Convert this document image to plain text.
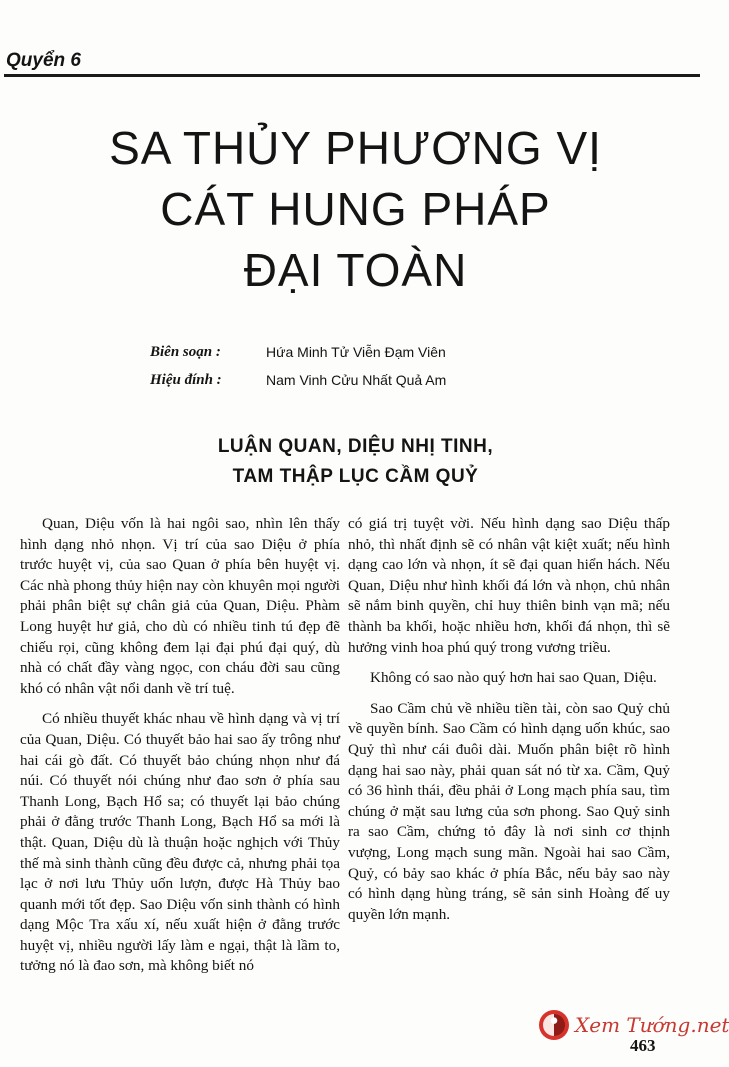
Quyển 6
SA THỦY PHƯƠNG VỊ
CÁT HUNG PHÁP
ĐẠI TOÀN
Biên soạn :	Hứa Minh Tử Viễn Đạm Viên
Hiệu đính :	Nam Vinh Cửu Nhất Quả Am
LUẬN QUAN, DIỆU NHỊ TINH,
TAM THẬP LỤC CẦM QUỶ

Quan, Diệu vốn là hai ngôi sao, nhìn lên thấy hình dạng nhỏ nhọn. Vị trí của sao Diệu ở phía trước huyệt vị, của sao Quan ở phía bên huyệt vị. Các nhà phong thủy hiện nay còn khuyên mọi người phải phân biệt sự chân giả của Quan, Diệu. Phàm Long huyệt hư giả, cho dù có nhiều tinh tú đẹp đẽ chiếu rọi, cũng không đem lại đại phú đại quý, dù nhà có chất đầy vàng ngọc, con cháu đời sau cũng khó có nhân vật nổi danh về trí tuệ.

Có nhiều thuyết khác nhau về hình dạng và vị trí của Quan, Diệu. Có thuyết bảo hai sao ấy trông như hai cái gò đất. Có thuyết bảo chúng nhọn như đá núi. Có thuyết nói chúng như đao sơn ở phía sau Thanh Long, Bạch Hổ sa; có thuyết lại bảo chúng phải ở đằng trước Thanh Long, Bạch Hổ sa mới là thật. Quan, Diệu dù là thuận hoặc nghịch với Thủy thế mà sinh thành cũng đều được cả, nhưng phải tọa lạc ở nơi lưu Thủy uốn lượn, được Hà Thủy bao quanh mới tốt đẹp. Sao Diệu vốn sinh thành có hình dạng Mộc Tra xấu xí, nếu xuất hiện ở đằng trước huyệt vị, nhiều người lấy làm e ngại, thật là lầm to, tưởng nó là đao sơn, mà không biết nó

có giá trị tuyệt vời. Nếu hình dạng sao Diệu thấp nhỏ, thì nhất định sẽ có nhân vật kiệt xuất; nếu hình dạng cao lớn và nhọn, ít sẽ đại quan hiển hách. Nếu Quan, Diệu như hình khối đá lớn và nhọn, chủ nhân sẽ nắm binh quyền, chỉ huy thiên binh vạn mã; nếu thành ba khối, hoặc nhiều hơn, khối đá nhọn, thì sẽ hưởng vinh hoa phú quý trong vương triều.

Không có sao nào quý hơn hai sao Quan, Diệu.

Sao Cầm chủ về nhiều tiền tài, còn sao Quỷ chủ về quyền bính. Sao Cầm có hình dạng uốn khúc, sao Quỷ thì như cái đuôi dài. Muốn phân biệt rõ hình dạng hai sao này, phải quan sát nó từ xa. Cầm, Quỷ có 36 hình thái, đều phải ở Long mạch phía sau, tìm chúng ở mặt sau lưng của sơn phong. Sao Quỷ sinh ra sao Cầm, chứng tỏ đây là nơi sinh cơ thịnh vượng, Long mạch sung mãn. Ngoài hai sao Cầm, Quỷ, có bảy sao khác ở phía Bắc, nếu bảy sao này có hình dạng hùng tráng, sẽ sản sinh Hoàng đế uy quyền lớn mạnh.

Xem Tướng.net
463
